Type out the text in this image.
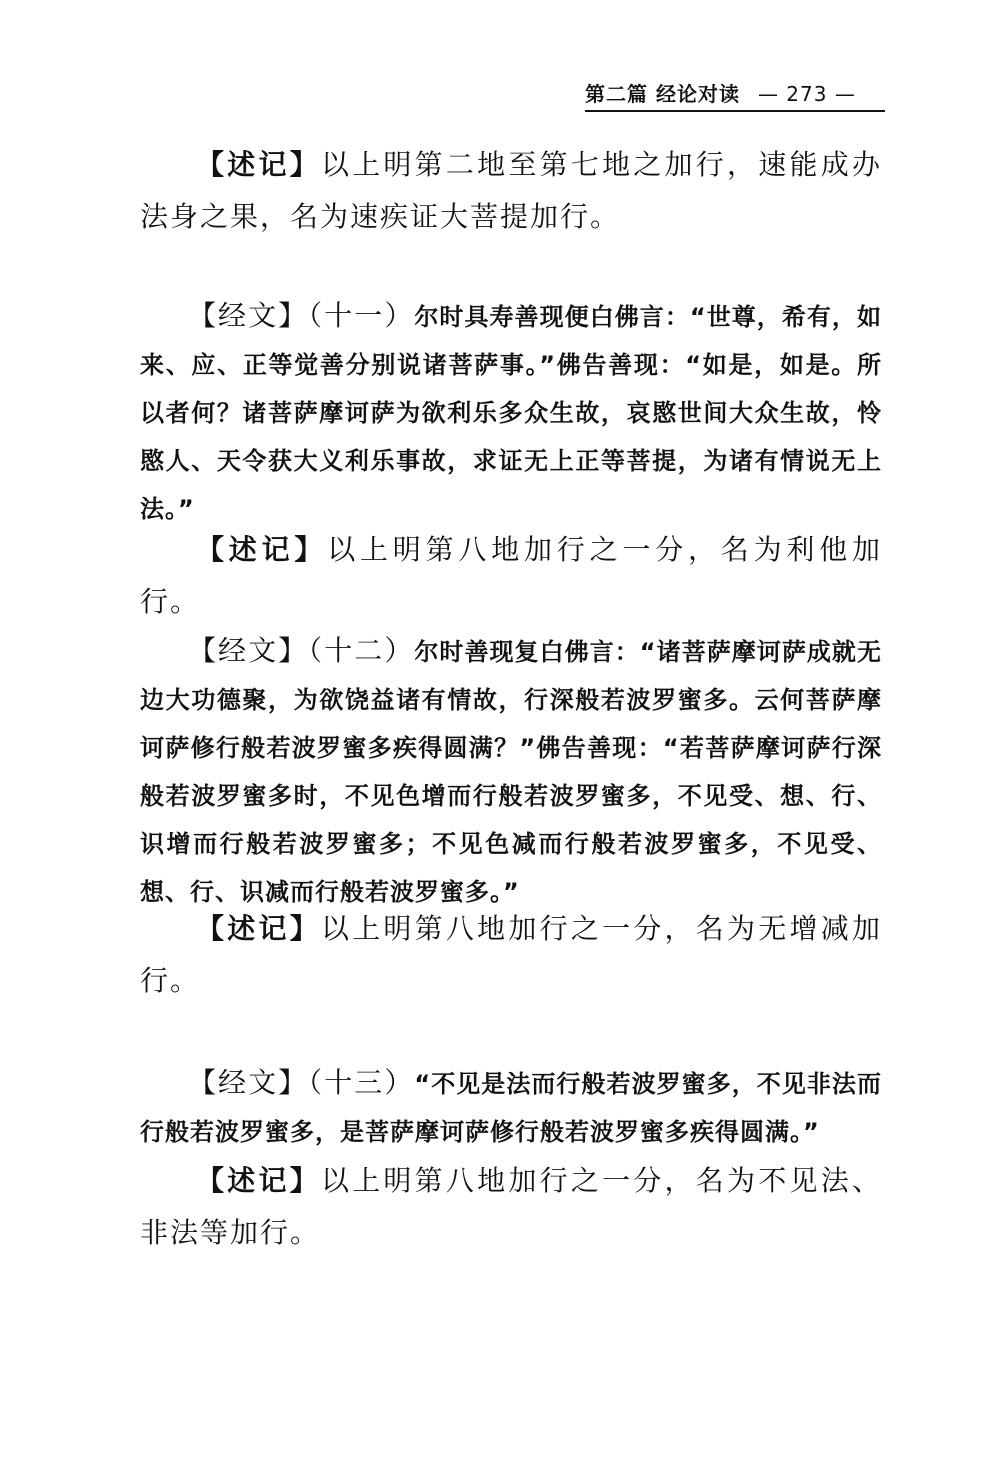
第二篇 经论对读 — 273 —

【述记】以上明第二地至第七地之加行，速能成办法身之果，名为速疾证大菩提加行。

【经文】（十一）尔时具寿善现便白佛言：“世尊，希有，如来、应、正等觉善分别说诸菩萨事。”佛告善现：“如是，如是。所以者何？诸菩萨摩诃萨为欲利乐多众生故，哀愍世间大众生故，怜愍人、天令获大义利乐事故，求证无上正等菩提，为诸有情说无上法。”

【述记】以上明第八地加行之一分，名为利他加行。

【经文】（十二）尔时善现复白佛言：“诸菩萨摩诃萨成就无边大功德聚，为欲饶益诸有情故，行深般若波罗蜜多。云何菩萨摩诃萨修行般若波罗蜜多疾得圆满？”佛告善现：“若菩萨摩诃萨行深般若波罗蜜多时，不见色增而行般若波罗蜜多，不见受、想、行、识增而行般若波罗蜜多；不见色减而行般若波罗蜜多，不见受、想、行、识减而行般若波罗蜜多。”

【述记】以上明第八地加行之一分，名为无增减加行。

【经文】（十三）“不见是法而行般若波罗蜜多，不见非法而行般若波罗蜜多，是菩萨摩诃萨修行般若波罗蜜多疾得圆满。”

【述记】以上明第八地加行之一分，名为不见法、非法等加行。
